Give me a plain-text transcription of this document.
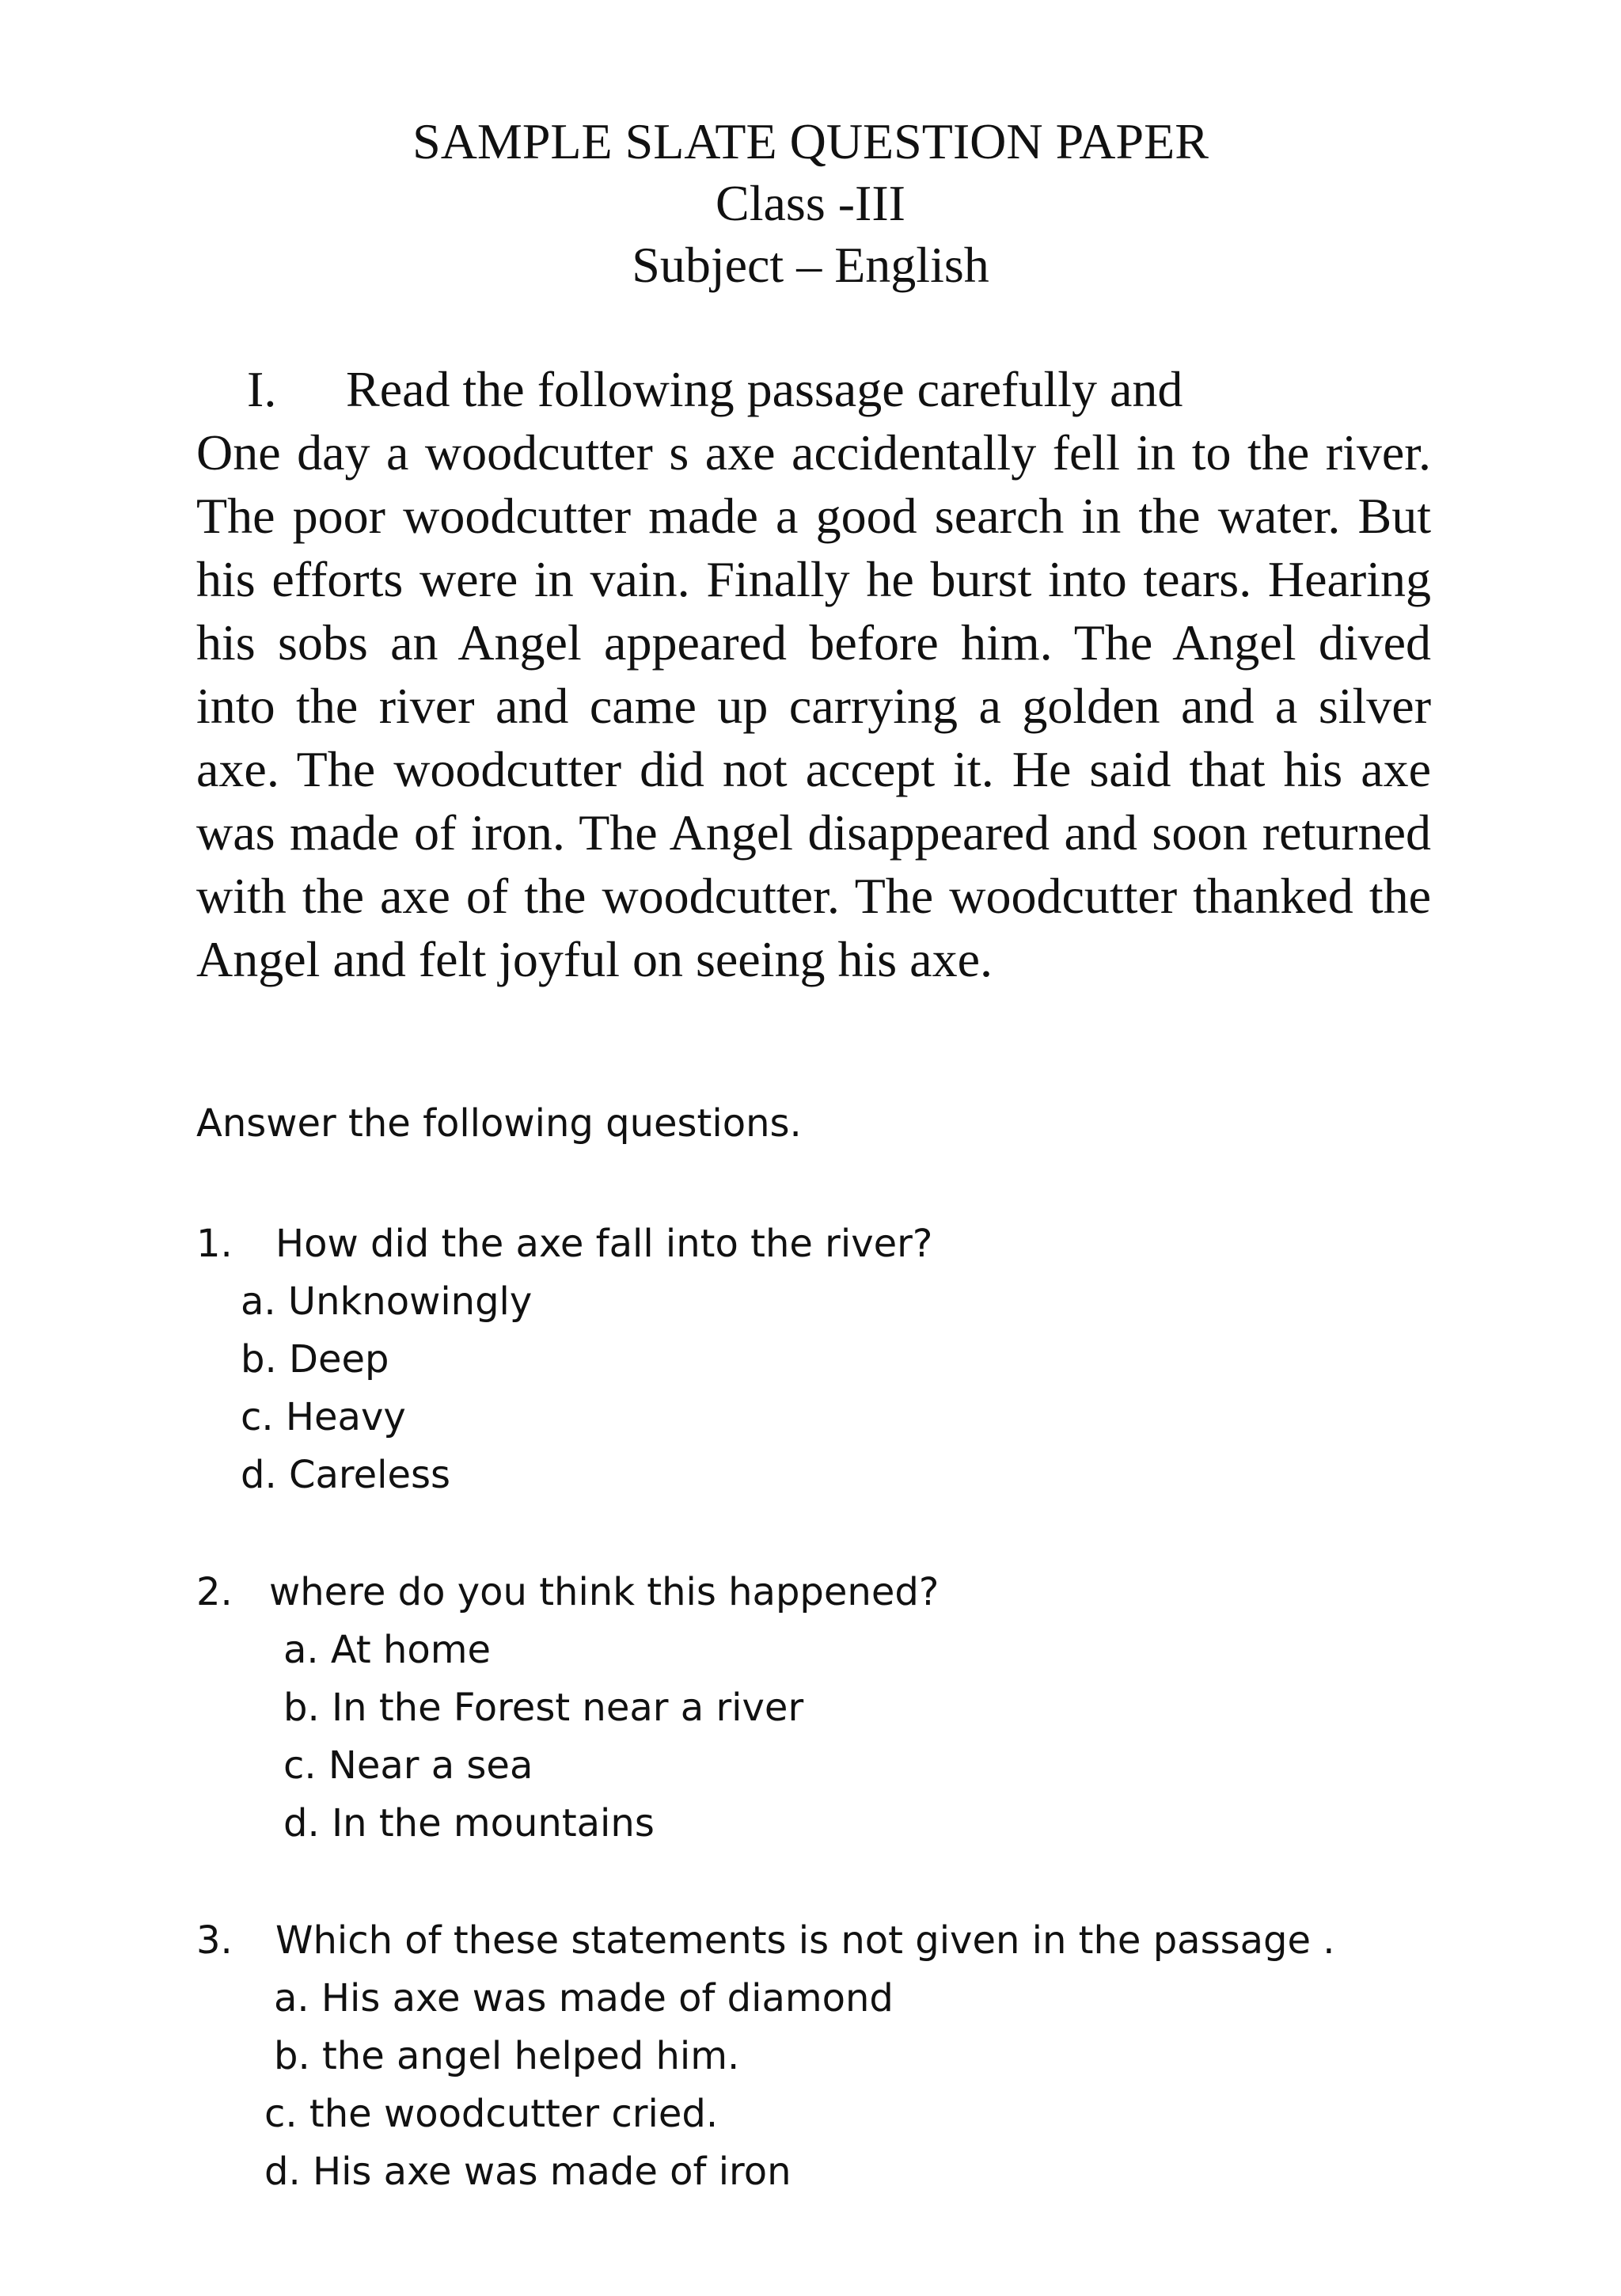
SAMPLE SLATE QUESTION PAPER
Class -III
Subject – English
I. Read the following passage carefully and
One day a woodcutter s axe accidentally fell in to the river. The poor woodcutter made a good search in the water. But his efforts were in vain. Finally he burst into tears. Hearing his sobs an Angel appeared before him. The Angel dived into the river and came up carrying a golden and a silver axe. The woodcutter did not accept it. He said that his axe was made of iron. The Angel disappeared and soon returned with the axe of the woodcutter. The woodcutter thanked the Angel and felt joyful on seeing his axe.
Answer the following questions.
1. How did the axe fall into the river?
a. Unknowingly
b. Deep
c. Heavy
d. Careless
2. where do you think this happened?
a. At home
b. In the Forest near a river
c. Near a sea
d. In the mountains
3. Which of these statements is not given in the passage .
a. His axe was made of diamond
b. the angel helped him.
c. the woodcutter cried.
d. His axe was made of iron
